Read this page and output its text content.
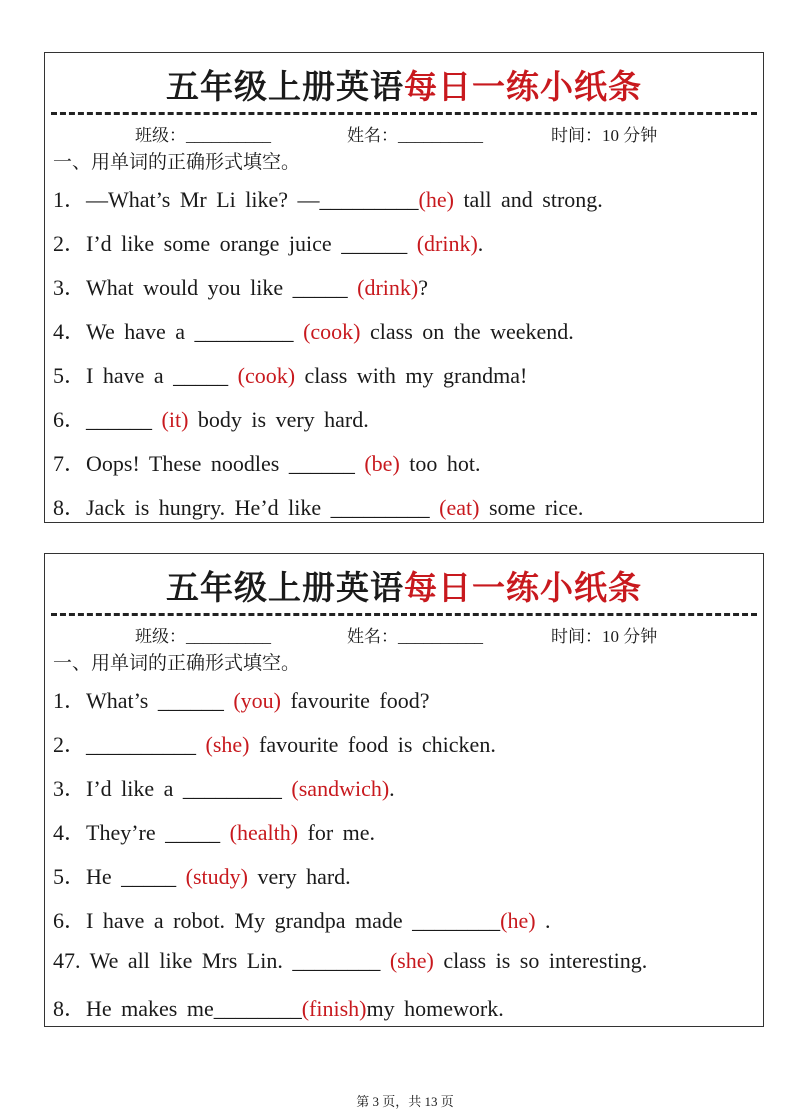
五年级上册英语每日一练小纸条
班级：__________	姓名：__________	时间：10 分钟
一、用单词的正确形式填空。
1．—What’s Mr Li like? —_________(he) tall and strong.
2．I’d like some orange juice ______ (drink).
3．What would you like _____ (drink)?
4．We have a _________ (cook) class on the weekend.
5．I have a _____ (cook) class with my grandma!
6．______ (it) body is very hard.
7．Oops! These noodles ______ (be) too hot.
8．Jack is hungry. He’d like _________ (eat) some rice.
五年级上册英语每日一练小纸条
班级：__________	姓名：__________	时间：10 分钟
一、用单词的正确形式填空。
1．What’s ______ (you) favourite food?
2．__________ (she) favourite food is chicken.
3．I’d like a _________ (sandwich).
4．They’re _____ (health) for me.
5．He _____ (study) very hard.
6．I have a robot. My grandpa made ________(he) .
47. We all like Mrs Lin. ________ (she) class is so interesting.
8．He makes me________(finish)my homework.
第 3 页，共 13 页
